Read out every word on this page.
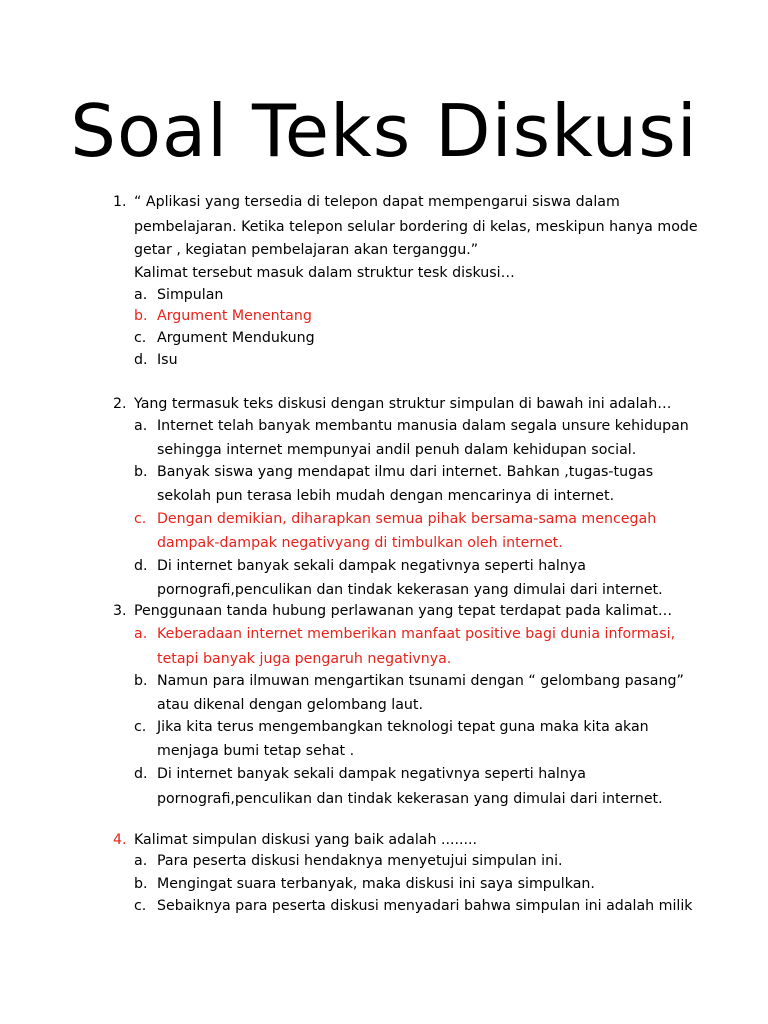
Soal Teks Diskusi
1. “ Aplikasi yang tersedia di telepon dapat mempengarui siswa dalam
pembelajaran. Ketika telepon selular bordering di kelas, meskipun hanya mode
getar , kegiatan pembelajaran akan terganggu.”
Kalimat tersebut masuk dalam struktur tesk diskusi…
a. Simpulan
b. Argument Menentang
c. Argument Mendukung
d. Isu
2. Yang termasuk teks diskusi dengan struktur simpulan di bawah ini adalah…
a. Internet telah banyak membantu manusia dalam segala unsure kehidupan
sehingga internet mempunyai andil penuh dalam kehidupan social.
b. Banyak siswa yang mendapat ilmu dari internet. Bahkan ,tugas-tugas
sekolah pun terasa lebih mudah dengan mencarinya di internet.
c. Dengan demikian, diharapkan semua pihak bersama-sama mencegah
dampak-dampak negativyang di timbulkan oleh internet.
d. Di internet banyak sekali dampak negativnya seperti halnya
pornografi,penculikan dan tindak kekerasan yang dimulai dari internet.
3. Penggunaan tanda hubung perlawanan yang tepat terdapat pada kalimat…
a. Keberadaan internet memberikan manfaat positive bagi dunia informasi,
tetapi banyak juga pengaruh negativnya.
b. Namun para ilmuwan mengartikan tsunami dengan “ gelombang pasang”
atau dikenal dengan gelombang laut.
c. Jika kita terus mengembangkan teknologi tepat guna maka kita akan
menjaga bumi tetap sehat .
d. Di internet banyak sekali dampak negativnya seperti halnya
pornografi,penculikan dan tindak kekerasan yang dimulai dari internet.
4. Kalimat simpulan diskusi yang baik adalah ........
a. Para peserta diskusi hendaknya menyetujui simpulan ini.
b. Mengingat suara terbanyak, maka diskusi ini saya simpulkan.
c. Sebaiknya para peserta diskusi menyadari bahwa simpulan ini adalah milik
